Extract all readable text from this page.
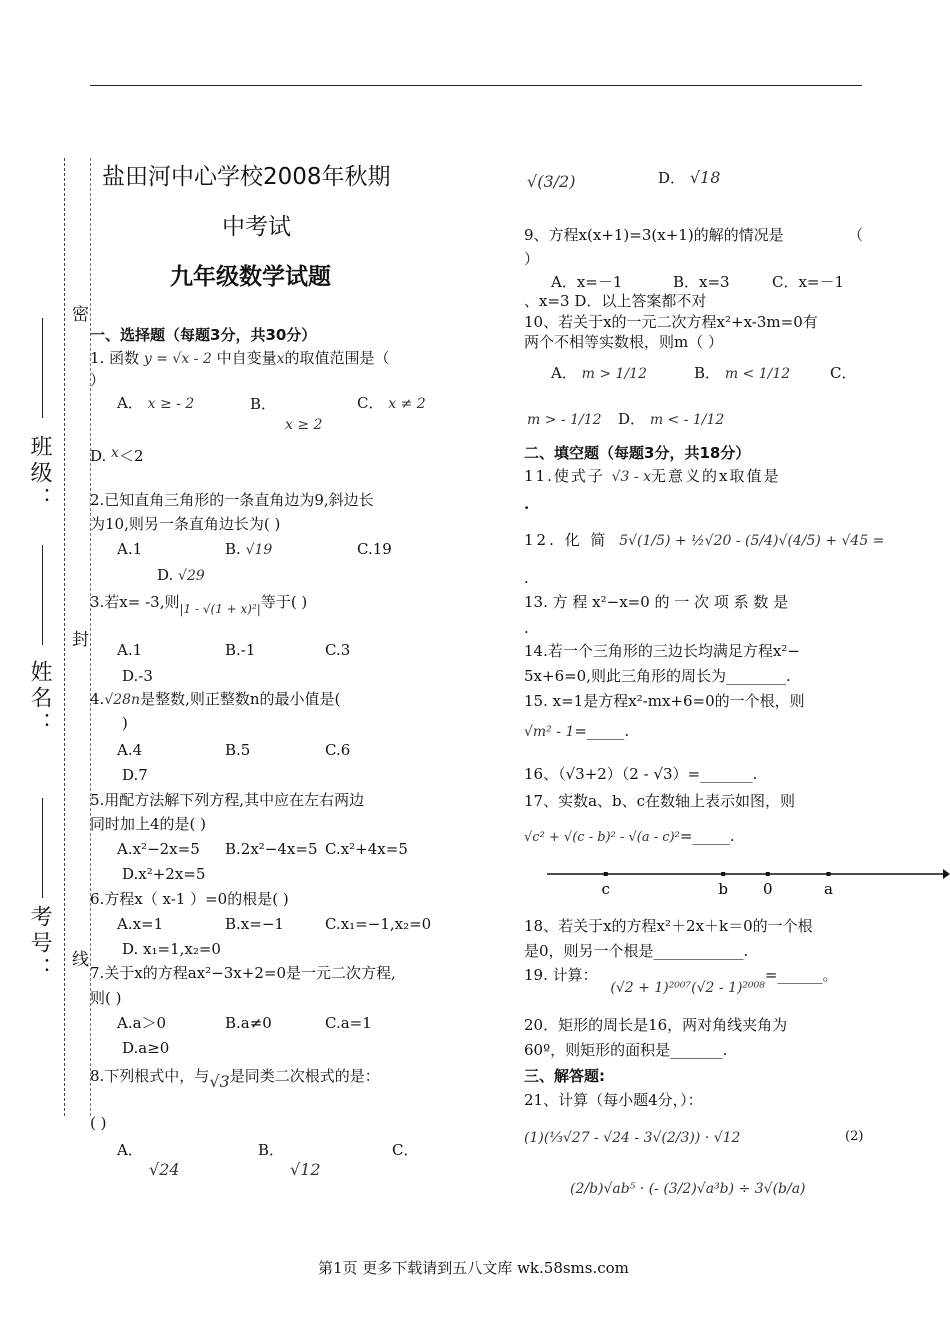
密
封
线
班级：
姓名：
考号：
盐田河中心学校2008年秋期
中考试
九年级数学试题
一、选择题（每题3分，共30分）
1. 函数 y = √x - 2 中自变量x的取值范围是（
）
A． x ≥ - 2	B．
x ≥ 2
C． x ≠ 2
D. x＜2
2.已知直角三角形的一条直角边为9,斜边长
为10,则另一条直角边长为( )
A.1	B. √19	C.19
D. √29
3.若x= -3,则$_{|1 - √(1 + x)^2|}$等于( )
A.1	B.-1	C.3
D.-3
4.√28n是整数,则正整数n的最小值是(
)
A.4	B.5	C.6
D.7
5.用配方法解下列方程,其中应在左右两边
同时加上4的是( )
A.x²−2x=5 B.2x²−4x=5 C.x²+4x=5
D.x²+2x=5
6.方程x（ x-1 ）=0的根是( )
A.x=1	B.x=−1	C.x₁=−1,x₂=0
D. x₁=1,x₂=0
7.关于x的方程ax²−3x+2=0是一元二次方程,
则( )
A.a＞0	B.a≠0	C.a=1
D.a≥0
8.下列根式中，与√3是同类二次根式的是：
( )
A．
√24
B．
√12
C．
√(3/2)	D． √18
9、方程x(x+1)=3(x+1)的解的情况是	（
）
A．x=－1	B．x=3	C．x=－1
、x=3 D．以上答案都不对
10、若关于x的一元二次方程x²+x-3m=0有
两个不相等实数根，则m（ ）
A． m > 1/12	B． m < 1/12	C．
m > - 1/12 D． m < - 1/12
二、填空题（每题3分，共18分）
11.使式子 √3 - x无意义的x取值是
.
12. 化 简 5√(1/5) + ½√20 - (5/4)√(4/5) + √45 =
.
13. 方 程 x²−x=0 的 一 次 项 系 数 是
.
14.若一个三角形的三边长均满足方程x²−
5x+6=0,则此三角形的周长为________.
15. x=1是方程x²-mx+6=0的一个根，则
√m² - 1=_____.
16、（√3+2）（2 - √3）=_______.
17、实数a、b、c在数轴上表示如图，则
√c² + √(c - b)² - √(a - c)²=_____.
c	b 0	a
18、若关于x的方程x²＋2x＋k＝0的一个根
是0，则另一个根是____________.
19. 计算： (√2 + 1)²⁰⁰⁷(√2 - 1)²⁰⁰⁸=______。
20．矩形的周长是16，两对角线夹角为
60º，则矩形的面积是_______.
三、解答题:
21、计算（每小题4分，）：
(1)(⅓√27 - √24 - 3√(2/3)) · √12	(2)
(2/b)√ab⁵ · (- (3/2)√a³b) ÷ 3√(b/a)
第1页 更多下载请到五八文库 wk.58sms.com
